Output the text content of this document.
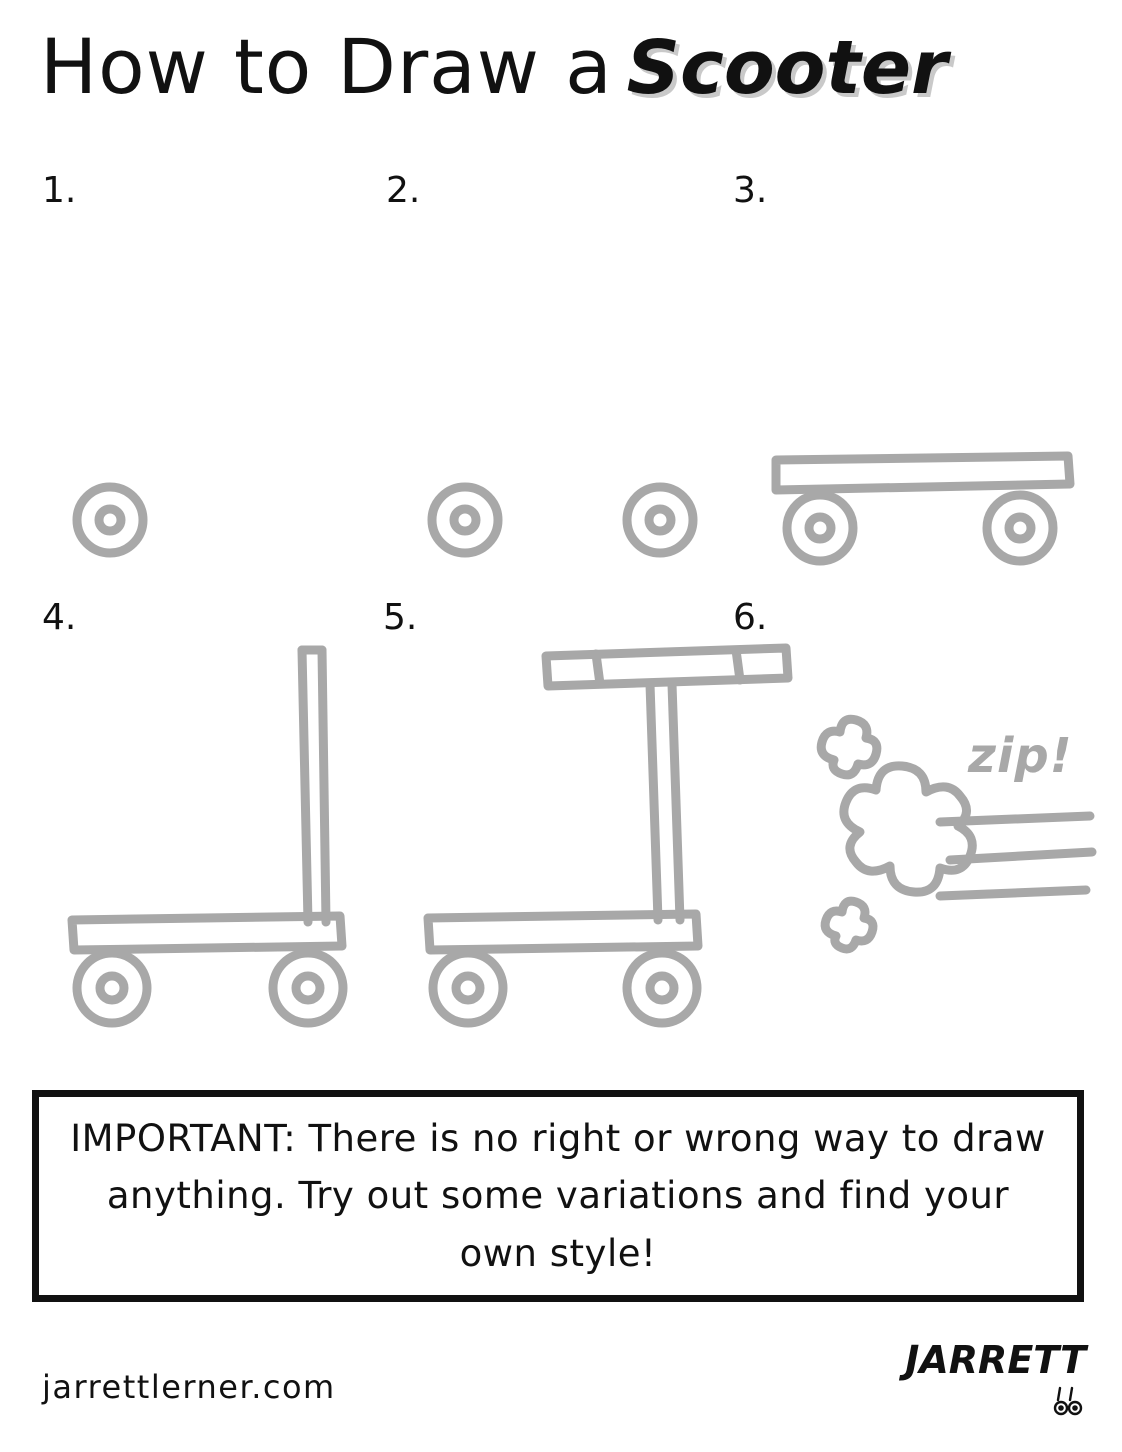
How to Draw a Scooter
1.	2.	3.
4.	5.	6.
zip!
IMPORTANT: There is no right or wrong way to draw anything. Try out some variations and find your own style!
jarrettlerner.com
JARRETT
